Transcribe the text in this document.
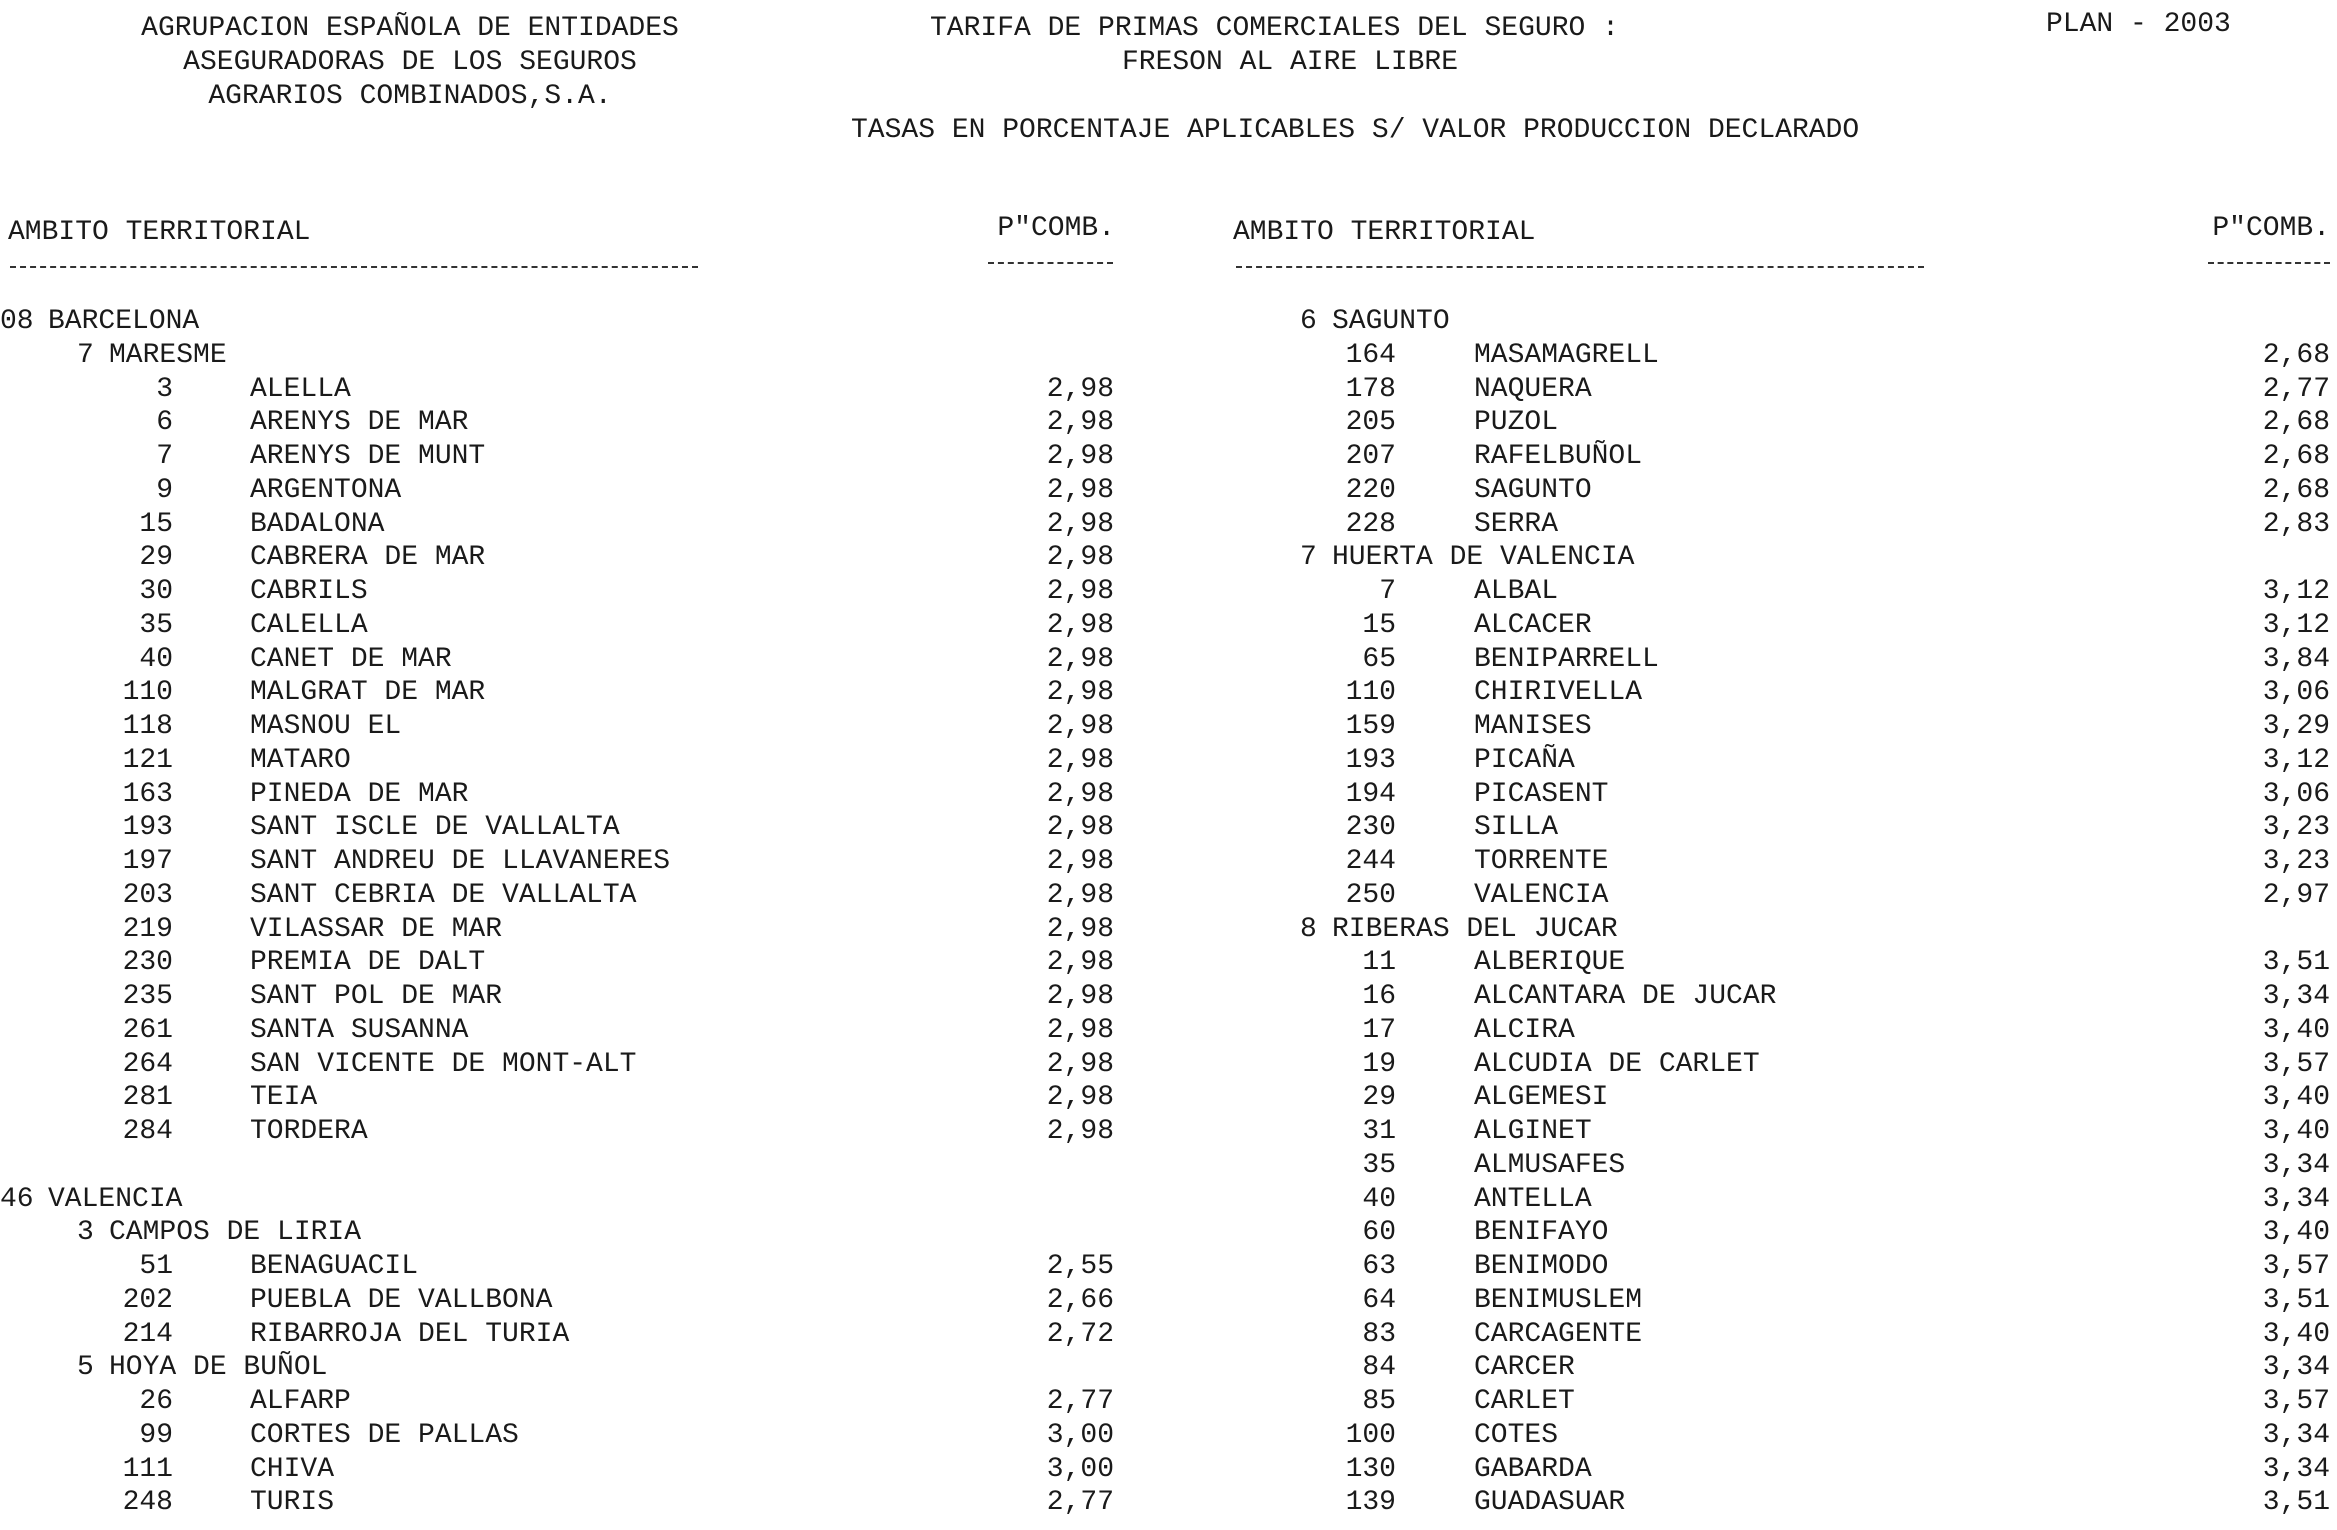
AGRUPACION ESPAÑOLA DE ENTIDADES
ASEGURADORAS DE LOS SEGUROS
AGRARIOS COMBINADOS,S.A.
TARIFA DE PRIMAS COMERCIALES DEL SEGURO :
FRESON AL AIRE LIBRE
PLAN - 2003
TASAS EN PORCENTAJE APLICABLES S/ VALOR PRODUCCION DECLARADO
AMBITO TERRITORIAL	P"COMB.	AMBITO TERRITORIAL	P"COMB.
08 BARCELONA
7 MARESME
3	ALELLA	2,98
6	ARENYS DE MAR	2,98
7	ARENYS DE MUNT	2,98
9	ARGENTONA	2,98
15	BADALONA	2,98
29	CABRERA DE MAR	2,98
30	CABRILS	2,98
35	CALELLA	2,98
40	CANET DE MAR	2,98
110	MALGRAT DE MAR	2,98
118	MASNOU EL	2,98
121	MATARO	2,98
163	PINEDA DE MAR	2,98
193	SANT ISCLE DE VALLALTA	2,98
197	SANT ANDREU DE LLAVANERES	2,98
203	SANT CEBRIA DE VALLALTA	2,98
219	VILASSAR DE MAR	2,98
230	PREMIA DE DALT	2,98
235	SANT POL DE MAR	2,98
261	SANTA SUSANNA	2,98
264	SAN VICENTE DE MONT-ALT	2,98
281	TEIA	2,98
284	TORDERA	2,98
46 VALENCIA
3 CAMPOS DE LIRIA
51	BENAGUACIL	2,55
202	PUEBLA DE VALLBONA	2,66
214	RIBARROJA DEL TURIA	2,72
5 HOYA DE BUÑOL
26	ALFARP	2,77
99	CORTES DE PALLAS	3,00
111	CHIVA	3,00
248	TURIS	2,77
6 SAGUNTO
164	MASAMAGRELL	2,68
178	NAQUERA	2,77
205	PUZOL	2,68
207	RAFELBUÑOL	2,68
220	SAGUNTO	2,68
228	SERRA	2,83
7 HUERTA DE VALENCIA
7	ALBAL	3,12
15	ALCACER	3,12
65	BENIPARRELL	3,84
110	CHIRIVELLA	3,06
159	MANISES	3,29
193	PICAÑA	3,12
194	PICASENT	3,06
230	SILLA	3,23
244	TORRENTE	3,23
250	VALENCIA	2,97
8 RIBERAS DEL JUCAR
11	ALBERIQUE	3,51
16	ALCANTARA DE JUCAR	3,34
17	ALCIRA	3,40
19	ALCUDIA DE CARLET	3,57
29	ALGEMESI	3,40
31	ALGINET	3,40
35	ALMUSAFES	3,34
40	ANTELLA	3,34
60	BENIFAYO	3,40
63	BENIMODO	3,57
64	BENIMUSLEM	3,51
83	CARCAGENTE	3,40
84	CARCER	3,34
85	CARLET	3,57
100	COTES	3,34
130	GABARDA	3,34
139	GUADASUAR	3,51
